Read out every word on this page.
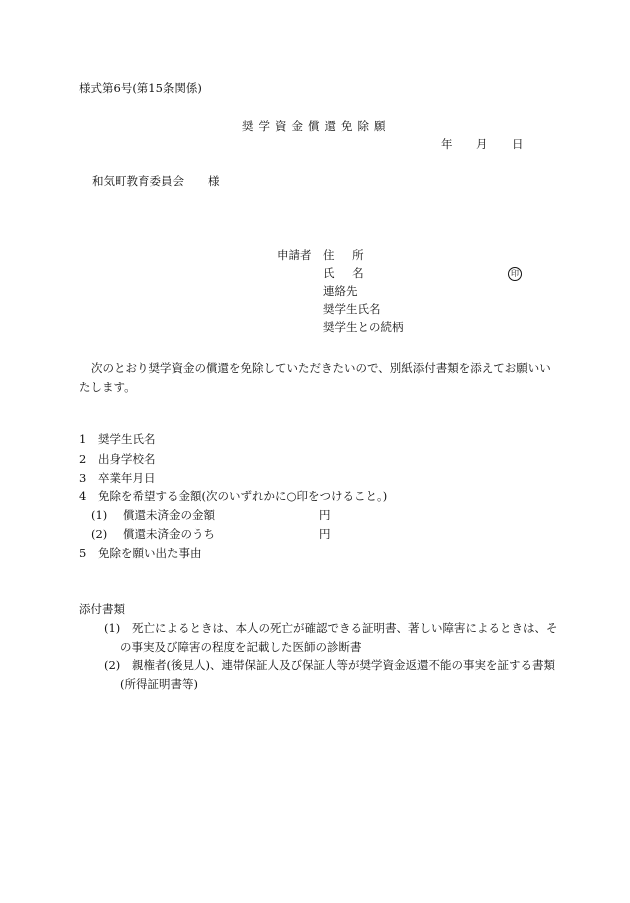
様式第6号(第15条関係)
奨学資金償還免除願
年 月 日
和気町教育委員会 様
申請者 住 所
氏 名	印
連絡先
奨学生氏名
奨学生との続柄
次のとおり奨学資金の償還を免除していただきたいので、別紙添付書類を添えてお願いいたします。
1 奨学生氏名
2 出身学校名
3 卒業年月日
4 免除を希望する金額(次のいずれかに○印をつけること。)
(1) 償還未済金の金額	円
(2) 償還未済金のうち	円
5 免除を願い出た事由
添付書類
(1)	死亡によるときは、本人の死亡が確認できる証明書、著しい障害によるときは、その事実及び障害の程度を記載した医師の診断書
(2)	親権者(後見人)、連帯保証人及び保証人等が奨学資金返還不能の事実を証する書類(所得証明書等)
